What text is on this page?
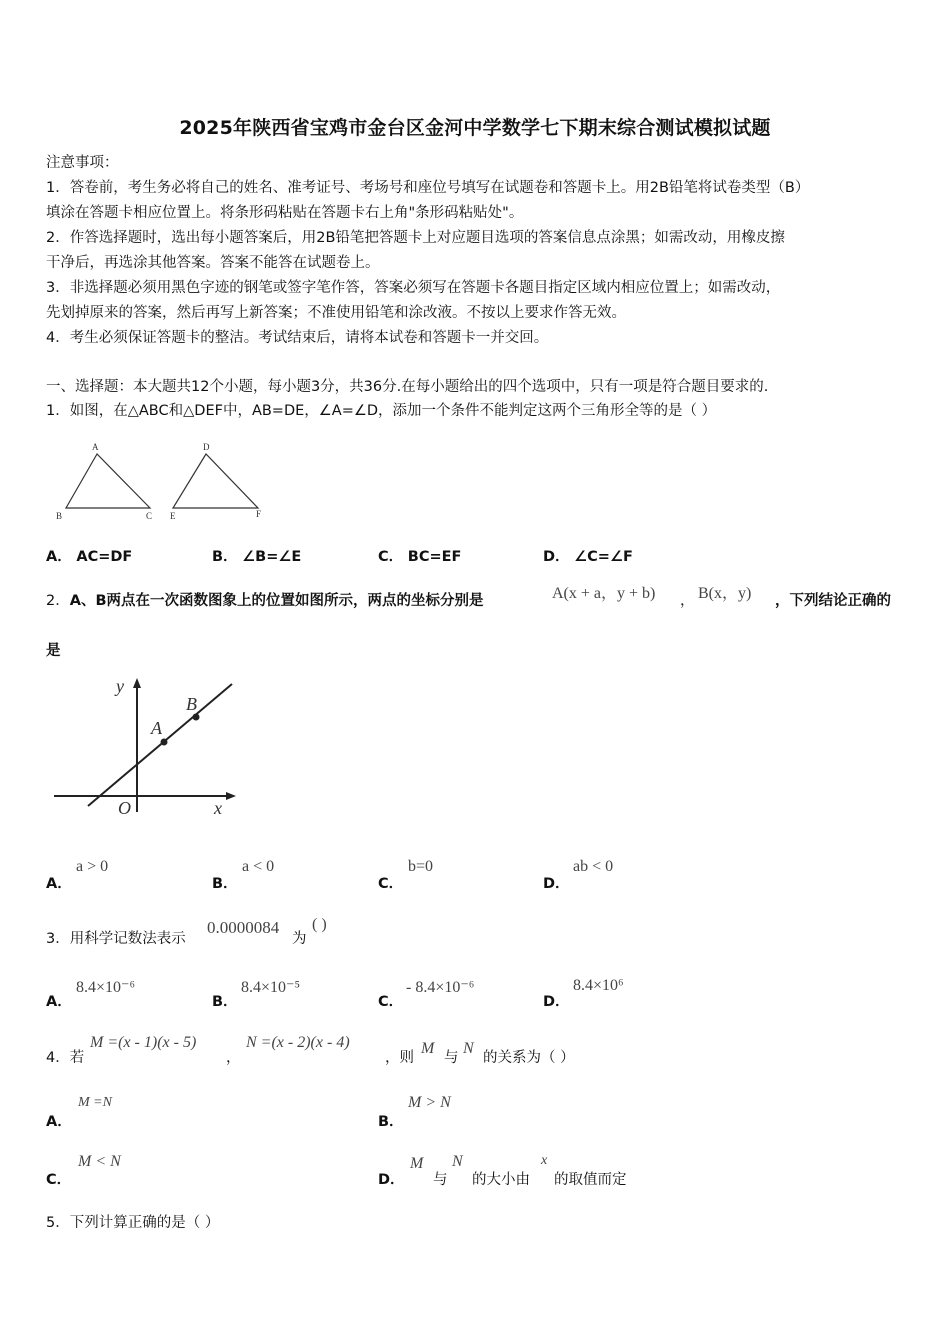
2025年陕西省宝鸡市金台区金河中学数学七下期末综合测试模拟试题
注意事项：
1．答卷前，考生务必将自己的姓名、准考证号、考场号和座位号填写在试题卷和答题卡上。用2B铅笔将试卷类型（B）
填涂在答题卡相应位置上。将条形码粘贴在答题卡右上角"条形码粘贴处"。
2．作答选择题时，选出每小题答案后，用2B铅笔把答题卡上对应题目选项的答案信息点涂黑；如需改动，用橡皮擦
干净后，再选涂其他答案。答案不能答在试题卷上。
3．非选择题必须用黑色字迹的钢笔或签字笔作答，答案必须写在答题卡各题目指定区域内相应位置上；如需改动，
先划掉原来的答案，然后再写上新答案；不准使用铅笔和涂改液。不按以上要求作答无效。
4．考生必须保证答题卡的整洁。考试结束后，请将本试卷和答题卡一并交回。
一、选择题：本大题共12个小题，每小题3分，共36分.在每小题给出的四个选项中，只有一项是符合题目要求的.
1．如图，在△ABC和△DEF中，AB=DE，∠A=∠D，添加一个条件不能判定这两个三角形全等的是（ ）
A
B	C
D
E	F
A． AC=DF	B． ∠B=∠E	C． BC=EF	D． ∠C=∠F
2．A、B两点在一次函数图象上的位置如图所示，两点的坐标分别是	A(x + a，y + b) ， B(x，y) ，下列结论正确的
是
y
x
O
A
B
A．
a > 0
B．
a < 0
C．
b=0
D．
ab < 0
3．用科学记数法表示
0.0000084
为
( )
A．
8.4×10⁻⁶
B．
8.4×10⁻⁵
C．
- 8.4×10⁻⁶
D．
8.4×10⁶
4．若
M =(x - 1)(x - 5)
，
N =(x - 2)(x - 4)
，则
M
与
N
的关系为（ ）
A．
M =N
B．
M > N
C．
M < N
D．
M
与
N
的大小由
x
的取值而定
5．下列计算正确的是（ ）
